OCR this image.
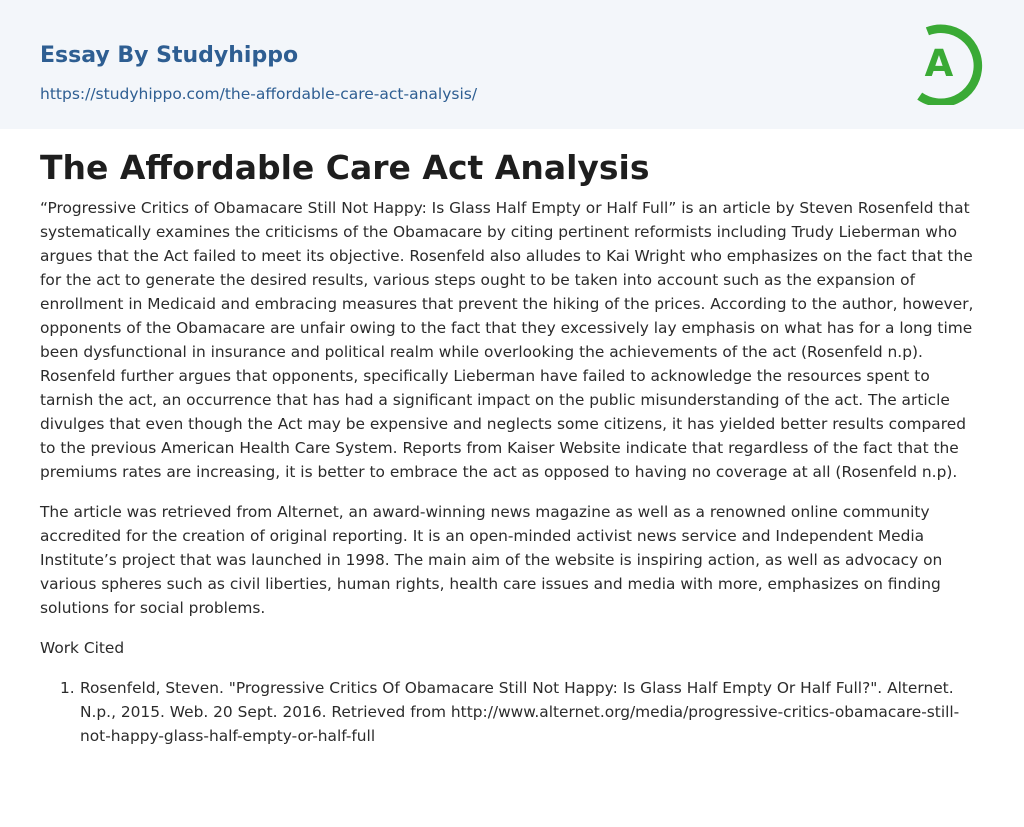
Essay By Studyhippo
https://studyhippo.com/the-affordable-care-act-analysis/
A
The Affordable Care Act Analysis

“Progressive Critics of Obamacare Still Not Happy: Is Glass Half Empty or Half Full” is an article by Steven Rosenfeld that systematically examines the criticisms of the Obamacare by citing pertinent reformists including Trudy Lieberman who argues that the Act failed to meet its objective. Rosenfeld also alludes to Kai Wright who emphasizes on the fact that the for the act to generate the desired results, various steps ought to be taken into account such as the expansion of enrollment in Medicaid and embracing measures that prevent the hiking of the prices. According to the author, however, opponents of the Obamacare are unfair owing to the fact that they excessively lay emphasis on what has for a long time been dysfunctional in insurance and political realm while overlooking the achievements of the act (Rosenfeld n.p). Rosenfeld further argues that opponents, specifically Lieberman have failed to acknowledge the resources spent to tarnish the act, an occurrence that has had a significant impact on the public misunderstanding of the act. The article divulges that even though the Act may be expensive and neglects some citizens, it has yielded better results compared to the previous American Health Care System. Reports from Kaiser Website indicate that regardless of the fact that the premiums rates are increasing, it is better to embrace the act as opposed to having no coverage at all (Rosenfeld n.p).

The article was retrieved from Alternet, an award-winning news magazine as well as a renowned online community accredited for the creation of original reporting. It is an open-minded activist news service and Independent Media Institute’s project that was launched in 1998. The main aim of the website is inspiring action, as well as advocacy on various spheres such as civil liberties, human rights, health care issues and media with more, emphasizes on finding solutions for social problems.

Work Cited

1. Rosenfeld, Steven. "Progressive Critics Of Obamacare Still Not Happy: Is Glass Half Empty Or Half Full?". Alternet. N.p., 2015. Web. 20 Sept. 2016. Retrieved from http://www.alternet.org/media/progressive-critics-obamacare-still-not-happy-glass-half-empty-or-half-full
